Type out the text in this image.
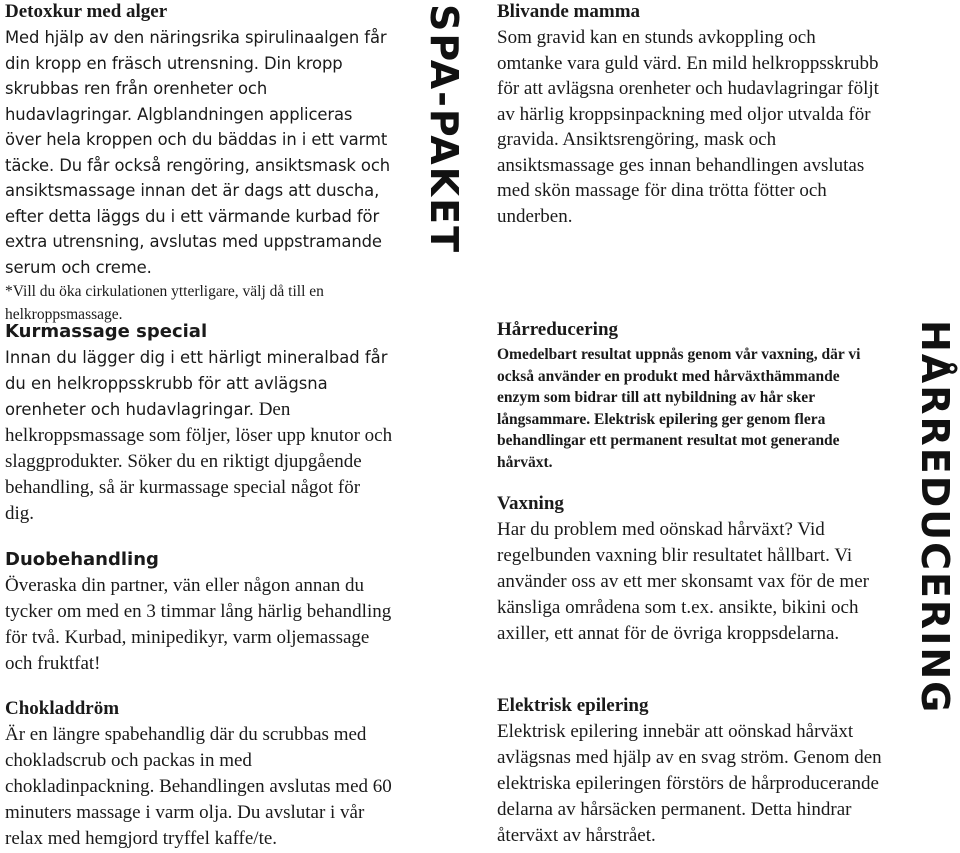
Detoxkur med alger

Med hjälp av den näringsrika spirulinaalgen får din kropp en fräsch utrensning. Din kropp skrubbas ren från orenheter och hudavlagringar. Algblandningen appliceras över hela kroppen och du bäddas in i ett varmt täcke. Du får också rengöring, ansiktsmask och ansiktsmassage innan det är dags att duscha, efter detta läggs du i ett värmande kurbad för extra utrensning, avslutas med uppstramande serum och creme.

*Vill du öka cirkulationen ytterligare, välj då till en helkroppsmassage.

Kurmassage special

Innan du lägger dig i ett härligt mineralbad får du en helkroppsskrubb för att avlägsna orenheter och hudavlagringar. Den helkroppsmassage som följer, löser upp knutor och slaggprodukter. Söker du en riktigt djupgående behandling, så är kurmassage special något för dig.

Duobehandling

Överaska din partner, vän eller någon annan du tycker om med en 3 timmar lång härlig behandling för två. Kurbad, minipedikyr, varm oljemassage och fruktfat!

Chokladdröm

Är en längre spabehandlig där du scrubbas med chokladscrub och packas in med chokladinpackning. Behandlingen avslutas med 60 minuters massage i varm olja. Du avslutar i vår relax med hemgjord tryffel kaffe/te.

SPA-PAKET
HÅRREDUCERING
Blivande mamma

Som gravid kan en stunds avkoppling och omtanke vara guld värd. En mild helkroppsskrubb för att avlägsna orenheter och hudavlagringar följt av härlig kroppsinpackning med oljor utvalda för gravida. Ansiktsrengöring, mask och ansiktsmassage ges innan behandlingen avslutas med skön massage för dina trötta fötter och underben.

Hårreducering

Omedelbart resultat uppnås genom vår vaxning, där vi också använder en produkt med hårväxthämmande enzym som bidrar till att nybildning av hår sker långsammare. Elektrisk epilering ger genom flera behandlingar ett permanent resultat mot generande hårväxt.

Vaxning

Har du problem med oönskad hårväxt? Vid regelbunden vaxning blir resultatet hållbart. Vi använder oss av ett mer skonsamt vax för de mer känsliga områdena som t.ex. ansikte, bikini och axiller, ett annat för de övriga kroppsdelarna.

Elektrisk epilering

Elektrisk epilering innebär att oönskad hårväxt avlägsnas med hjälp av en svag ström. Genom den elektriska epileringen förstörs de hårproducerande delarna av hårsäcken permanent. Detta hindrar återväxt av hårstrået.
